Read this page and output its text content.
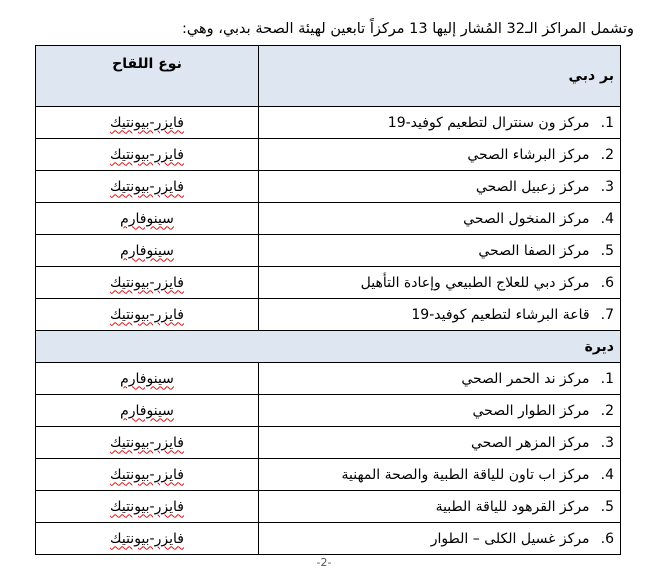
وتشمل المراكز الـ32 المُشار إليها 13 مركزاً تابعين لهيئة الصحة بدبي، وهي:
بر دبي	نوع اللقاح
1. مركز ون سنترال لتطعيم كوفيد-19	فايزر-بيونتيك
2. مركز البرشاء الصحي	فايزر-بيونتيك
3. مركز زعبيل الصحي	فايزر-بيونتيك
4. مركز المنخول الصحي	سينوفارم
5. مركز الصفا الصحي	سينوفارم
6. مركز دبي للعلاج الطبيعي وإعادة التأهيل	فايزر-بيونتيك
7. قاعة البرشاء لتطعيم كوفيد-19	فايزر-بيونتيك
ديرة	
1. مركز ند الحمر الصحي	سينوفارم
2. مركز الطوار الصحي	سينوفارم
3. مركز المزهر الصحي	فايزر-بيونتيك
4. مركز اب تاون للياقة الطبية والصحة المهنية	فايزر-بيونتيك
5. مركز القرهود للياقة الطبية	فايزر-بيونتيك
6. مركز غسيل الكلى – الطوار	فايزر-بيونتيك
-2-
